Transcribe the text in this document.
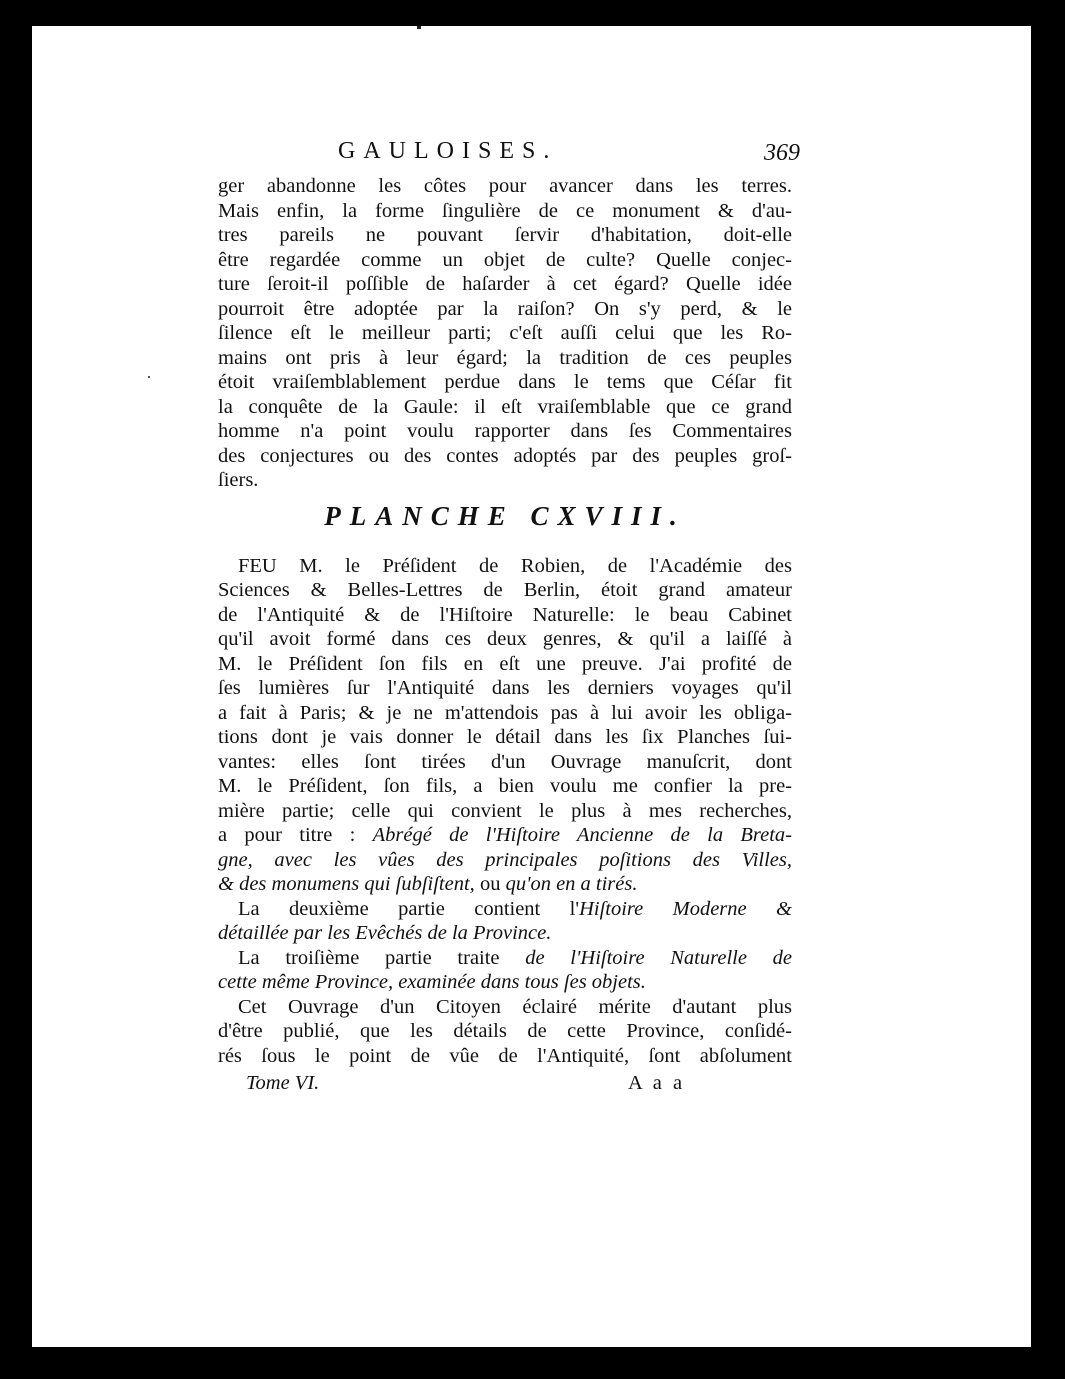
GAULOISES.	369
ger abandonne les côtes pour avancer dans les terres.
Mais enfin, la forme ſingulière de ce monument & d'au-
tres pareils ne pouvant ſervir d'habitation, doit-elle
être regardée comme un objet de culte? Quelle conjec-
ture ſeroit-il poſſible de haſarder à cet égard? Quelle idée
pourroit être adoptée par la raiſon? On s'y perd, & le
ſilence eſt le meilleur parti; c'eſt auſſi celui que les Ro-
mains ont pris à leur égard; la tradition de ces peuples
étoit vraiſemblablement perdue dans le tems que Céſar fit
la conquête de la Gaule: il eſt vraiſemblable que ce grand
homme n'a point voulu rapporter dans ſes Commentaires
des conjectures ou des contes adoptés par des peuples groſ-
ſiers.
PLANCHE CXVIII.
FEU M. le Préſident de Robien, de l'Académie des
Sciences & Belles-Lettres de Berlin, étoit grand amateur
de l'Antiquité & de l'Hiſtoire Naturelle: le beau Cabinet
qu'il avoit formé dans ces deux genres, & qu'il a laiſſé à
M. le Préſident ſon fils en eſt une preuve. J'ai profité de
ſes lumières ſur l'Antiquité dans les derniers voyages qu'il
a fait à Paris; & je ne m'attendois pas à lui avoir les obliga-
tions dont je vais donner le détail dans les ſix Planches ſui-
vantes: elles ſont tirées d'un Ouvrage manuſcrit, dont
M. le Préſident, ſon fils, a bien voulu me confier la pre-
mière partie; celle qui convient le plus à mes recherches,
a pour titre : Abrégé de l'Hiſtoire Ancienne de la Breta-
gne, avec les vûes des principales poſitions des Villes,
& des monumens qui ſubſiſtent, ou qu'on en a tirés.
La deuxième partie contient l'Hiſtoire Moderne &
détaillée par les Evêchés de la Province.
La troiſième partie traite de l'Hiſtoire Naturelle de
cette même Province, examinée dans tous ſes objets.
Cet Ouvrage d'un Citoyen éclairé mérite d'autant plus
d'être publié, que les détails de cette Province, conſidé-
rés ſous le point de vûe de l'Antiquité, ſont abſolument
Tome VI.	A a a
